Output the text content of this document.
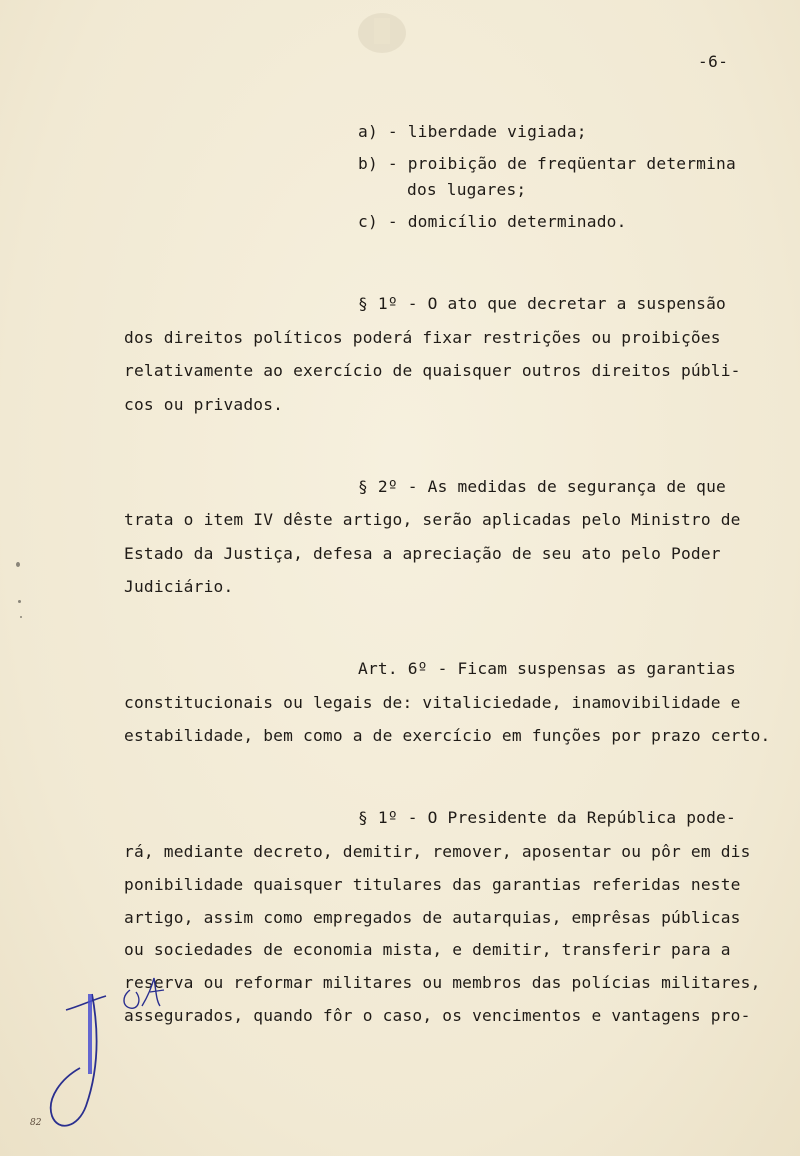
-6-
a) - liberdade vigiada;
b) - proibição de freqüentar determina
dos lugares;
c) - domicílio determinado.
§ 1º - O ato que decretar a suspensão
dos direitos políticos poderá fixar restrições ou proibições
relativamente ao exercício de quaisquer outros direitos públi-
cos ou privados.
§ 2º - As medidas de segurança de que
trata o item IV dêste artigo, serão aplicadas pelo Ministro de
Estado da Justiça, defesa a apreciação de seu ato pelo Poder
Judiciário.
Art. 6º - Ficam suspensas as garantias
constitucionais ou legais de: vitaliciedade, inamovibilidade e
estabilidade, bem como a de exercício em funções por prazo certo.
§ 1º - O Presidente da República pode-
rá, mediante decreto, demitir, remover, aposentar ou pôr em dis
ponibilidade quaisquer titulares das garantias referidas neste
artigo, assim como empregados de autarquias, emprêsas públicas
ou sociedades de economia mista, e demitir, transferir para a
reserva ou reformar militares ou membros das polícias militares,
assegurados, quando fôr o caso, os vencimentos e vantagens pro-
82
